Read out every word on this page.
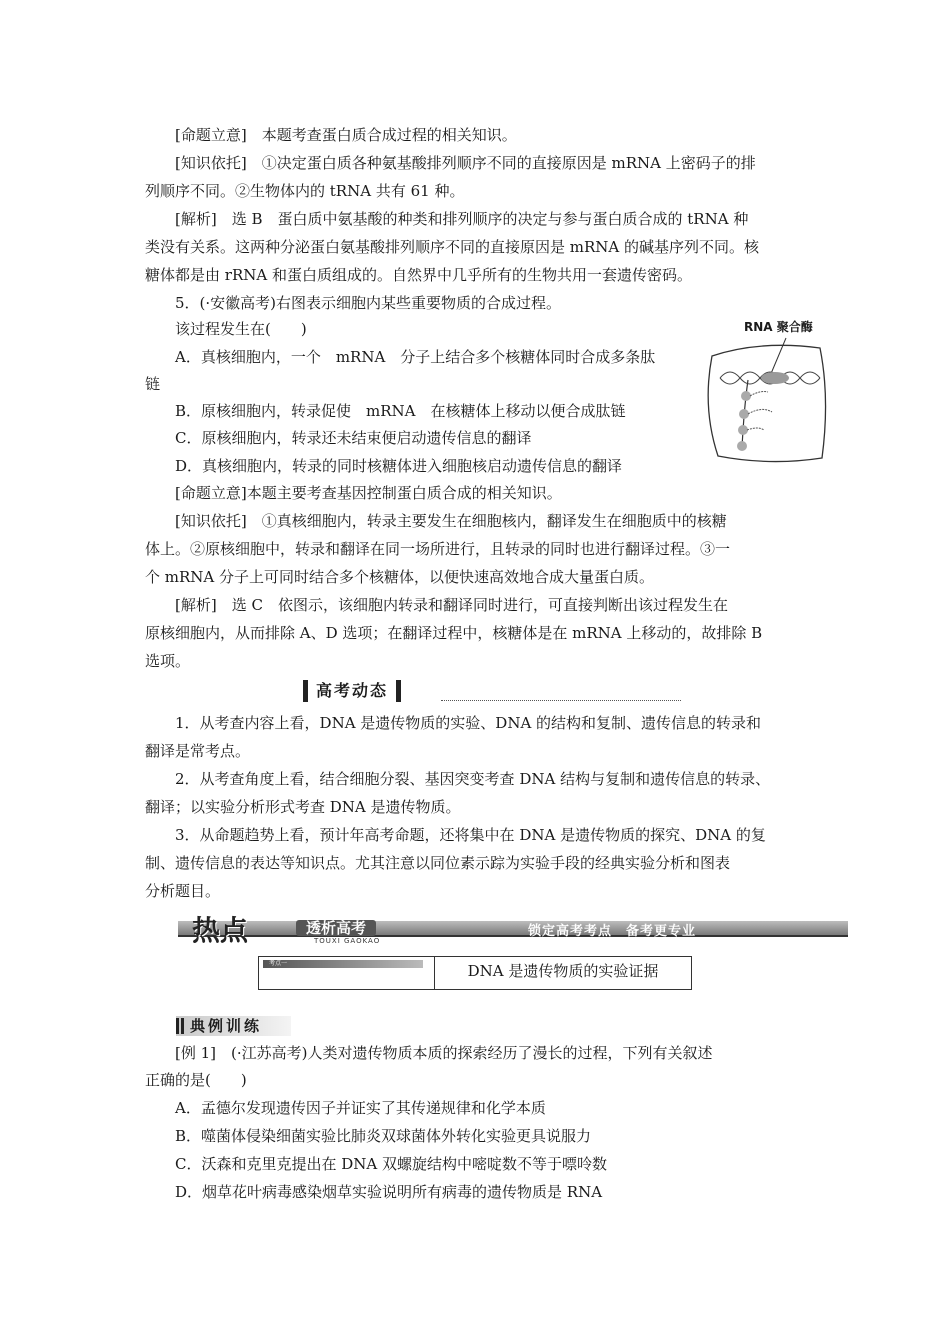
[命题立意]　本题考查蛋白质合成过程的相关知识。
[知识依托]　①决定蛋白质各种氨基酸排列顺序不同的直接原因是 mRNA 上密码子的排
列顺序不同。②生物体内的 tRNA 共有 61 种。
[解析]　选 B　蛋白质中氨基酸的种类和排列顺序的决定与参与蛋白质合成的 tRNA 种
类没有关系。这两种分泌蛋白氨基酸排列顺序不同的直接原因是 mRNA 的碱基序列不同。核
糖体都是由 rRNA 和蛋白质组成的。自然界中几乎所有的生物共用一套遗传密码。
5．(·安徽高考)右图表示细胞内某些重要物质的合成过程。
该过程发生在(　　)
A．真核细胞内，一个　mRNA　分子上结合多个核糖体同时合成多条肽
链
B．原核细胞内，转录促使　mRNA　在核糖体上移动以便合成肽链
C．原核细胞内，转录还未结束便启动遗传信息的翻译
D．真核细胞内，转录的同时核糖体进入细胞核启动遗传信息的翻译
RNA 聚合酶
[命题立意]本题主要考查基因控制蛋白质合成的相关知识。
[知识依托]　①真核细胞内，转录主要发生在细胞核内，翻译发生在细胞质中的核糖
体上。②原核细胞中，转录和翻译在同一场所进行，且转录的同时也进行翻译过程。③一
个 mRNA 分子上可同时结合多个核糖体，以便快速高效地合成大量蛋白质。
[解析]　选 C　依图示，该细胞内转录和翻译同时进行，可直接判断出该过程发生在
原核细胞内，从而排除 A、D 选项；在翻译过程中，核糖体是在 mRNA 上移动的，故排除 B
选项。
高考动态
1．从考查内容上看，DNA 是遗传物质的实验、DNA 的结构和复制、遗传信息的转录和
翻译是常考点。
2．从考查角度上看，结合细胞分裂、基因突变考查 DNA 结构与复制和遗传信息的转录、
翻译；以实验分析形式考查 DNA 是遗传物质。
3．从命题趋势上看，预计年高考命题，还将集中在 DNA 是遗传物质的探究、DNA 的复
制、遗传信息的表达等知识点。尤其注意以同位素示踪为实验手段的经典实验分析和图表
分析题目。
热点	透析高考
TOUXI GAOKAO
锁定高考考点　备考更专业
考点一	DNA 是遗传物质的实验证据
典例训练
[例 1]　(·江苏高考)人类对遗传物质本质的探索经历了漫长的过程，下列有关叙述
正确的是(　　)
A．孟德尔发现遗传因子并证实了其传递规律和化学本质
B．噬菌体侵染细菌实验比肺炎双球菌体外转化实验更具说服力
C．沃森和克里克提出在 DNA 双螺旋结构中嘧啶数不等于嘌呤数
D．烟草花叶病毒感染烟草实验说明所有病毒的遗传物质是 RNA
